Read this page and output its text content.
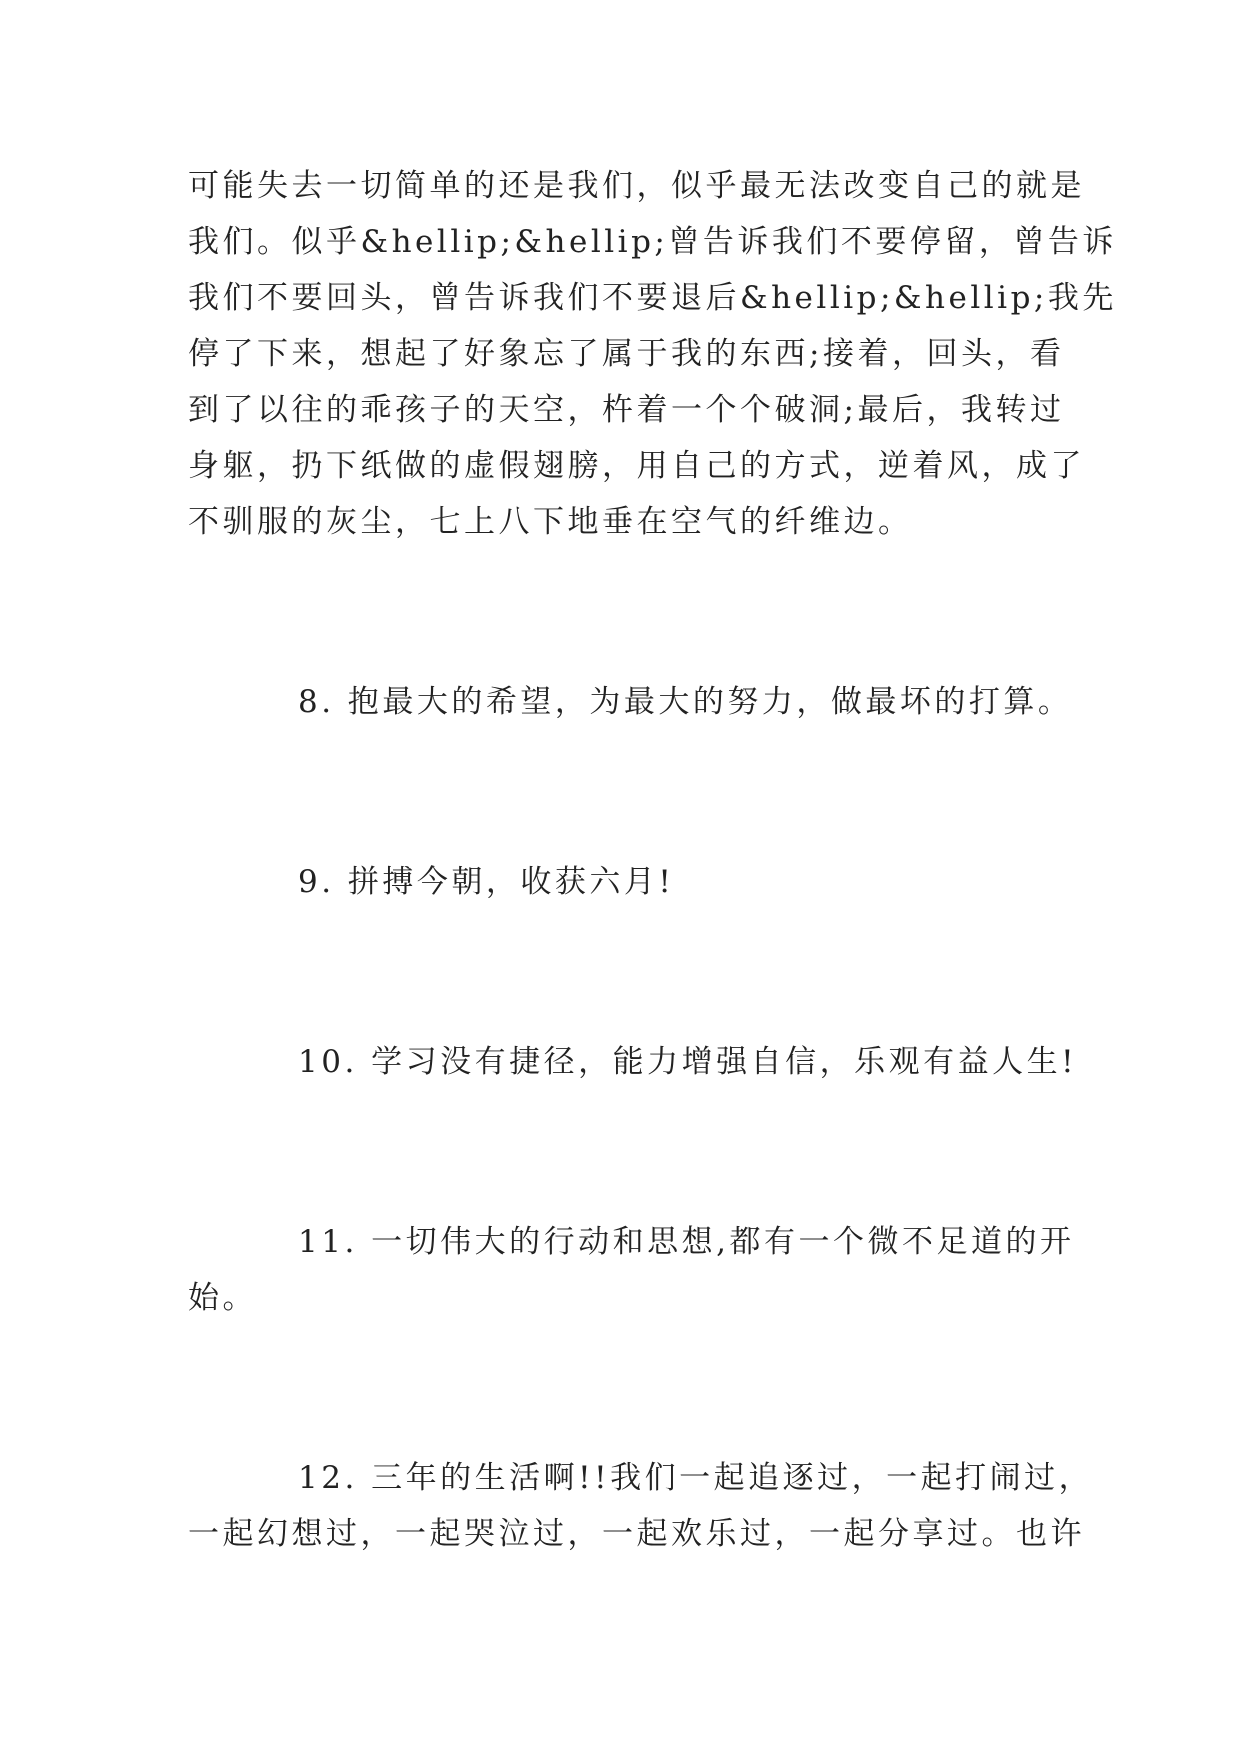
可能失去一切简单的还是我们，似乎最无法改变自己的就是
我们。似乎&hellip;&hellip;曾告诉我们不要停留，曾告诉
我们不要回头，曾告诉我们不要退后&hellip;&hellip;我先
停了下来，想起了好象忘了属于我的东西;接着，回头，看
到了以往的乖孩子的天空，杵着一个个破洞;最后，我转过
身躯，扔下纸做的虚假翅膀，用自己的方式，逆着风，成了
不驯服的灰尘，七上八下地垂在空气的纤维边。
8. 抱最大的希望，为最大的努力，做最坏的打算。
9. 拼搏今朝，收获六月!
10. 学习没有捷径，能力增强自信，乐观有益人生!
11. 一切伟大的行动和思想,都有一个微不足道的开
始。
12. 三年的生活啊!!我们一起追逐过，一起打闹过，
一起幻想过，一起哭泣过，一起欢乐过，一起分享过。也许
